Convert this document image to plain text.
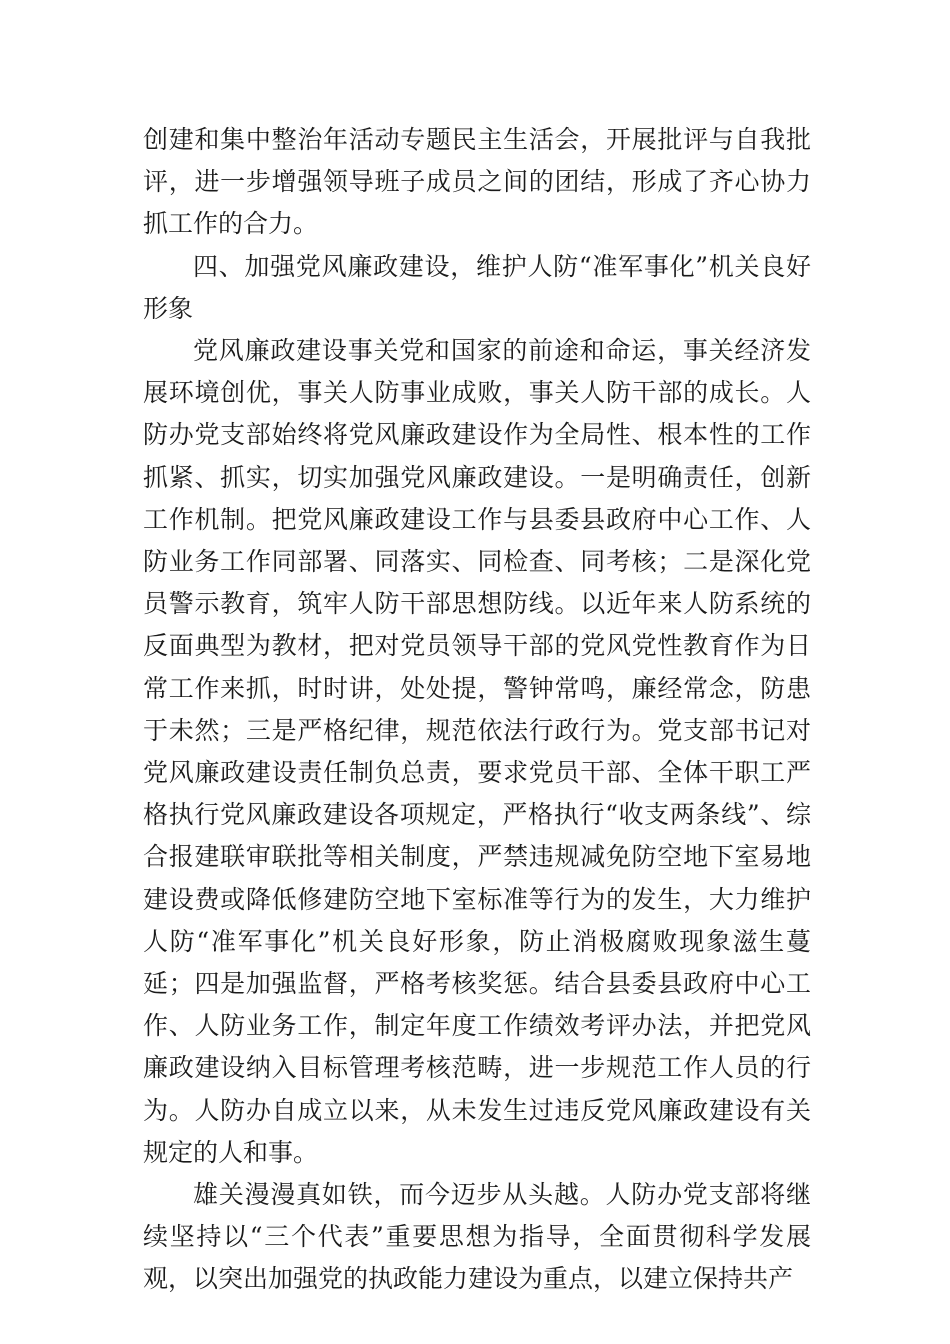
创建和集中整治年活动专题民主生活会，开展批评与自我批评，进一步增强领导班子成员之间的团结，形成了齐心协力抓工作的合力。

四、加强党风廉政建设，维护人防“准军事化”机关良好形象

党风廉政建设事关党和国家的前途和命运，事关经济发展环境创优，事关人防事业成败，事关人防干部的成长。人防办党支部始终将党风廉政建设作为全局性、根本性的工作抓紧、抓实，切实加强党风廉政建设。一是明确责任，创新工作机制。把党风廉政建设工作与县委县政府中心工作、人防业务工作同部署、同落实、同检查、同考核；二是深化党员警示教育，筑牢人防干部思想防线。以近年来人防系统的反面典型为教材，把对党员领导干部的党风党性教育作为日常工作来抓，时时讲，处处提，警钟常鸣，廉经常念，防患于未然；三是严格纪律，规范依法行政行为。党支部书记对党风廉政建设责任制负总责，要求党员干部、全体干职工严格执行党风廉政建设各项规定，严格执行“收支两条线”、综合报建联审联批等相关制度，严禁违规减免防空地下室易地建设费或降低修建防空地下室标准等行为的发生，大力维护人防“准军事化”机关良好形象，防止消极腐败现象滋生蔓延；四是加强监督，严格考核奖惩。结合县委县政府中心工作、人防业务工作，制定年度工作绩效考评办法，并把党风廉政建设纳入目标管理考核范畴，进一步规范工作人员的行为。人防办自成立以来，从未发生过违反党风廉政建设有关规定的人和事。

雄关漫漫真如铁，而今迈步从头越。人防办党支部将继续坚持以“三个代表”重要思想为指导，全面贯彻科学发展观，以突出加强党的执政能力建设为重点，以建立保持共产
